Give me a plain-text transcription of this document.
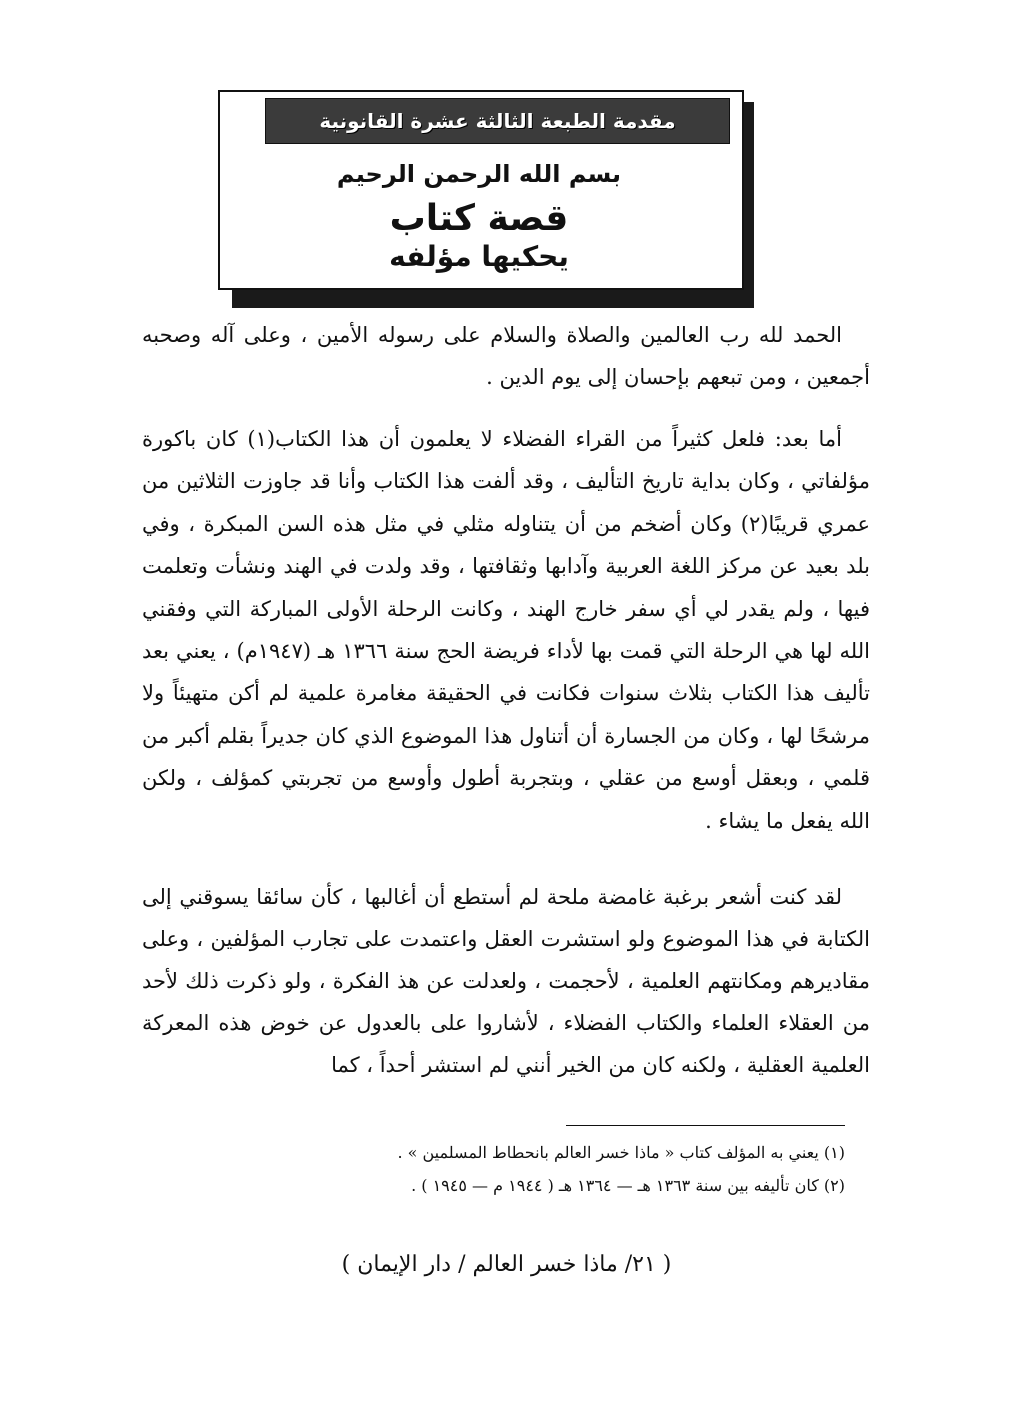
مقدمة الطبعة الثالثة عشرة القانونية
بسم الله الرحمن الرحيم
قصة كتاب
يحكيها مؤلفه
الحمد لله رب العالمين والصلاة والسلام على رسوله الأمين ، وعلى آله وصحبه أجمعين ، ومن تبعهم بإحسان إلى يوم الدين .
أما بعد: فلعل كثيراً من القراء الفضلاء لا يعلمون أن هذا الكتاب(١) كان باكورة مؤلفاتي ، وكان بداية تاريخ التأليف ، وقد ألفت هذا الكتاب وأنا قد جاوزت الثلاثين من عمري قريبًا(٢) وكان أضخم من أن يتناوله مثلي في مثل هذه السن المبكرة ، وفي بلد بعيد عن مركز اللغة العربية وآدابها وثقافتها ، وقد ولدت في الهند ونشأت وتعلمت فيها ، ولم يقدر لي أي سفر خارج الهند ، وكانت الرحلة الأولى المباركة التي وفقني الله لها هي الرحلة التي قمت بها لأداء فريضة الحج سنة ١٣٦٦ هـ (١٩٤٧م) ، يعني بعد تأليف هذا الكتاب بثلاث سنوات فكانت في الحقيقة مغامرة علمية لم أكن متهيئاً ولا مرشحًا لها ، وكان من الجسارة أن أتناول هذا الموضوع الذي كان جديراً بقلم أكبر من قلمي ، وبعقل أوسع من عقلي ، وبتجربة أطول وأوسع من تجربتي كمؤلف ، ولكن الله يفعل ما يشاء .
لقد كنت أشعر برغبة غامضة ملحة لم أستطع أن أغالبها ، كأن سائقا يسوقني إلى الكتابة في هذا الموضوع ولو استشرت العقل واعتمدت على تجارب المؤلفين ، وعلى مقاديرهم ومكانتهم العلمية ، لأحجمت ، ولعدلت عن هذ الفكرة ، ولو ذكرت ذلك لأحد من العقلاء العلماء والكتاب الفضلاء ، لأشاروا على بالعدول عن خوض هذه المعركة العلمية العقلية ، ولكنه كان من الخير أنني لم استشر أحداً ، كما
(١) يعني به المؤلف كتاب « ماذا خسر العالم بانحطاط المسلمين » .
(٢) كان تأليفه بين سنة ١٣٦٣ هـ — ١٣٦٤ هـ ( ١٩٤٤ م — ١٩٤٥ ) .
( ٢١/ ماذا خسر العالم / دار الإيمان )
